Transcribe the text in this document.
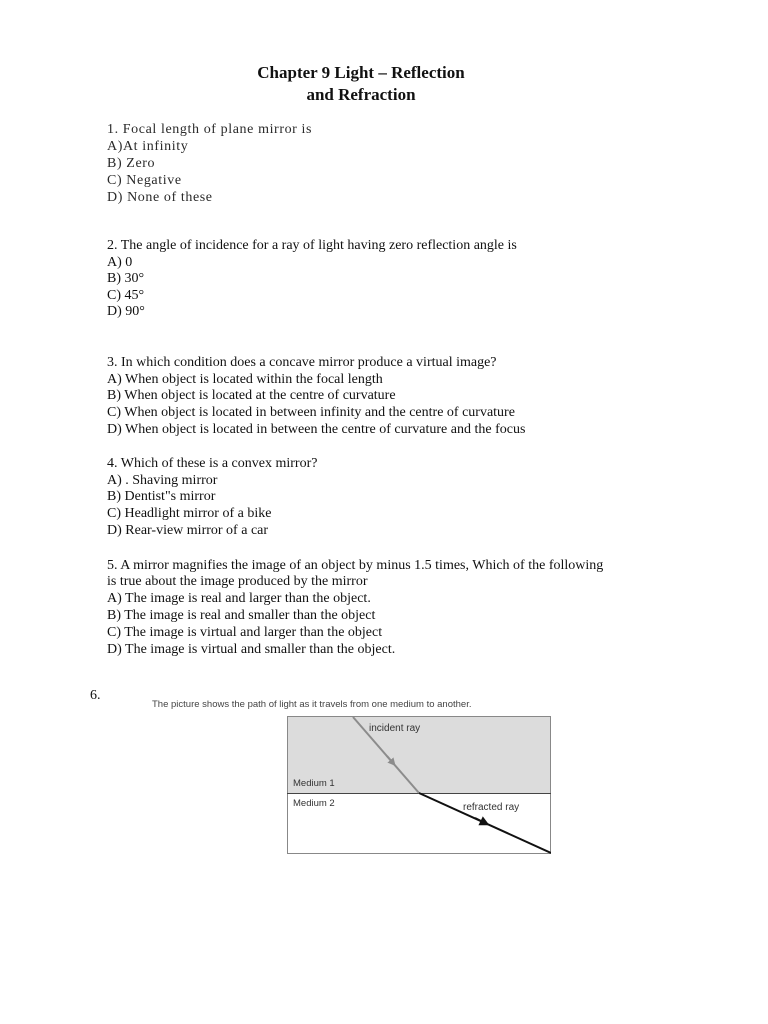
Chapter 9 Light – Reflection
and Refraction
1. Focal length of plane mirror is
A)At infinity
B) Zero
C) Negative
D) None of these
2. The angle of incidence for a ray of light having zero reflection angle is
A) 0
B) 30°
C) 45°
D) 90°
3. In which condition does a concave mirror produce a virtual image?
A) When object is located within the focal length
B) When object is located at the centre of curvature
C) When object is located in between infinity and the centre of curvature
D) When object is located in between the centre of curvature and the focus
4. Which of these is a convex mirror?
A) . Shaving mirror
B) Dentist"s mirror
C) Headlight mirror of a bike
D) Rear-view mirror of a car
5. A mirror magnifies the image of an object by minus 1.5 times, Which of the following
is true about the image produced by the mirror
A) The image is real and larger than the object.
B) The image is real and smaller than the object
C) The image is virtual and larger than the object
D) The image is virtual and smaller than the object.
6.
The picture shows the path of light as it travels from one medium to another.
incident ray
Medium 1
Medium 2	refracted ray
